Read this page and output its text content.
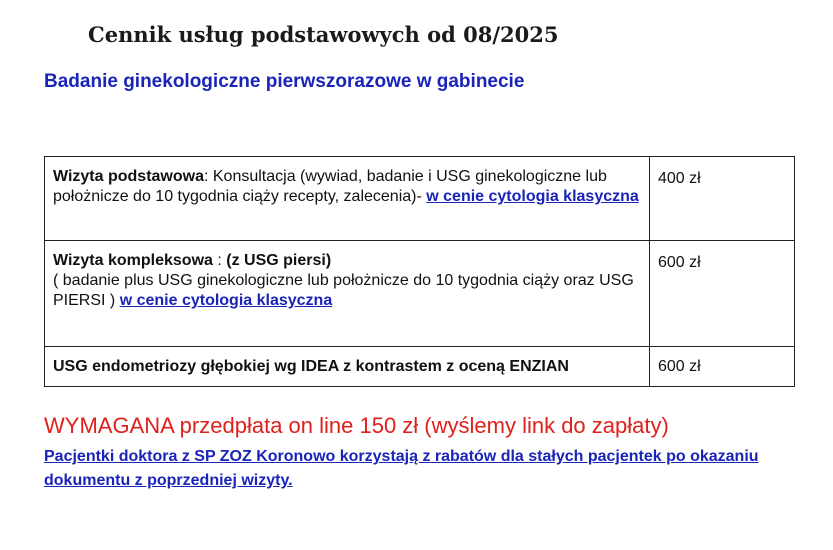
Cennik usług podstawowych od 08/2025
Badanie ginekologiczne pierwszorazowe w gabinecie
Wizyta podstawowa: Konsultacja (wywiad, badanie i USG ginekologiczne lub położnicze do 10 tygodnia ciąży recepty, zalecenia)- w cenie cytologia klasyczna	400 zł
Wizyta kompleksowa : (z USG piersi)
( badanie plus USG ginekologiczne lub położnicze do 10 tygodnia ciąży oraz USG PIERSI ) w cenie cytologia klasyczna	600 zł
USG endometriozy głębokiej wg IDEA z kontrastem z oceną ENZIAN	600 zł
WYMAGANA przedpłata on line 150 zł (wyślemy link do zapłaty)
Pacjentki doktora z SP ZOZ Koronowo korzystają z rabatów dla stałych pacjentek po okazaniu dokumentu z poprzedniej wizyty.
